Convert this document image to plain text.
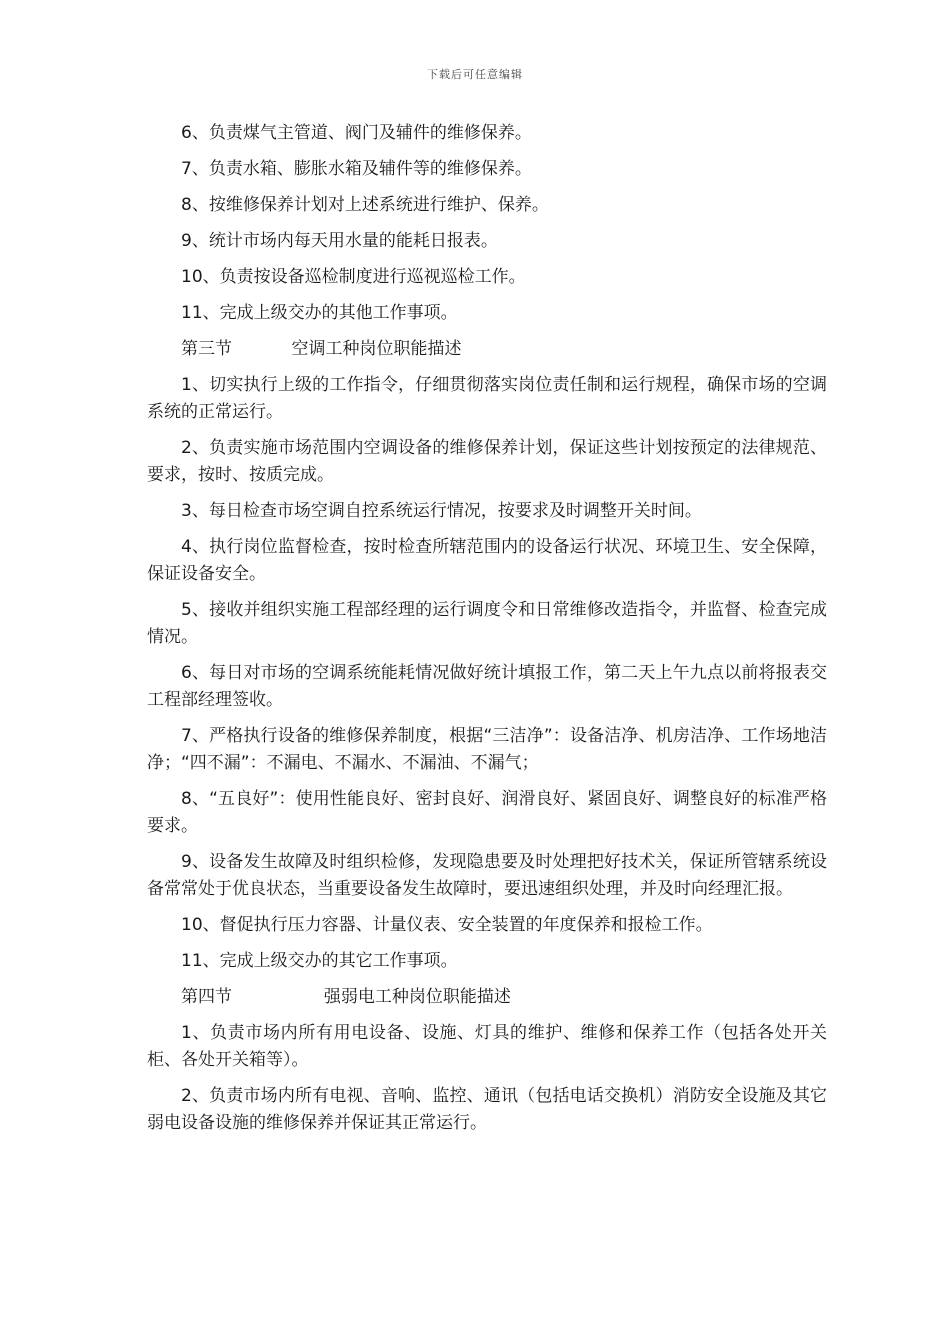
下载后可任意编辑

6、负责煤气主管道、阀门及辅件的维修保养。

7、负责水箱、膨胀水箱及辅件等的维修保养。

8、按维修保养计划对上述系统进行维护、保养。

9、统计市场内每天用水量的能耗日报表。

10、负责按设备巡检制度进行巡视巡检工作。

11、完成上级交办的其他工作事项。

第三节           空调工种岗位职能描述

1、切实执行上级的工作指令，仔细贯彻落实岗位责任制和运行规程，确保市场的空调系统的正常运行。

2、负责实施市场范围内空调设备的维修保养计划，保证这些计划按预定的法律规范、要求，按时、按质完成。

3、每日检查市场空调自控系统运行情况，按要求及时调整开关时间。

4、执行岗位监督检查，按时检查所辖范围内的设备运行状况、环境卫生、安全保障，保证设备安全。

5、接收并组织实施工程部经理的运行调度令和日常维修改造指令，并监督、检查完成情况。

6、每日对市场的空调系统能耗情况做好统计填报工作，第二天上午九点以前将报表交工程部经理签收。

7、严格执行设备的维修保养制度，根据“三洁净”：设备洁净、机房洁净、工作场地洁净；“四不漏”：不漏电、不漏水、不漏油、不漏气；

8、“五良好”：使用性能良好、密封良好、润滑良好、紧固良好、调整良好的标准严格要求。

9、设备发生故障及时组织检修，发现隐患要及时处理把好技术关，保证所管辖系统设备常常处于优良状态，当重要设备发生故障时，要迅速组织处理，并及时向经理汇报。

10、督促执行压力容器、计量仪表、安全装置的年度保养和报检工作。

11、完成上级交办的其它工作事项。

第四节                 强弱电工种岗位职能描述

1、负责市场内所有用电设备、设施、灯具的维护、维修和保养工作（包括各处开关柜、各处开关箱等）。

2、负责市场内所有电视、音响、监控、通讯（包括电话交换机）消防安全设施及其它弱电设备设施的维修保养并保证其正常运行。
